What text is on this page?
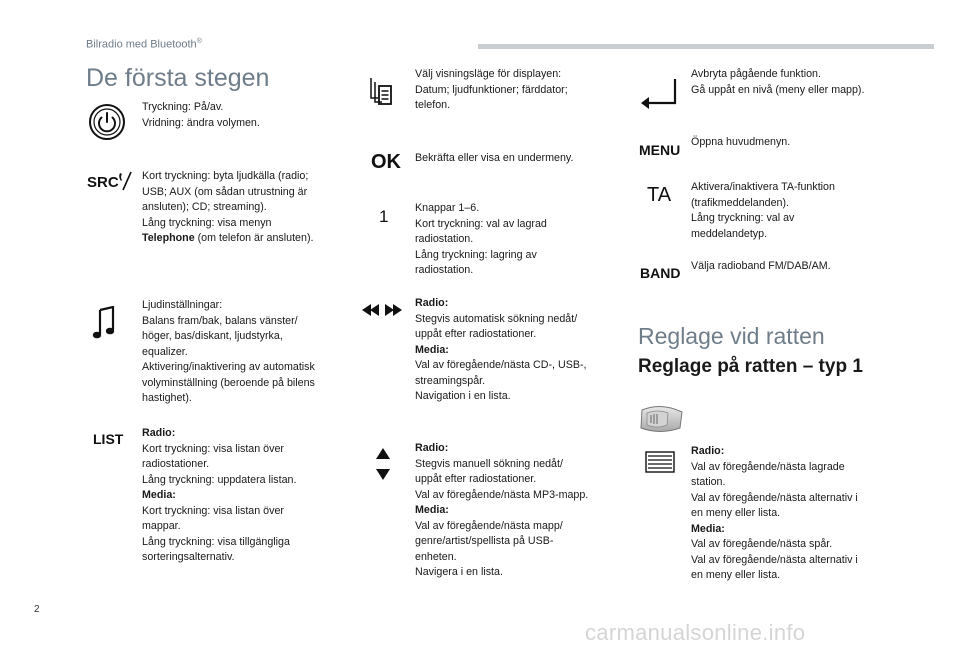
Bilradio med Bluetooth®
De första stegen
Tryckning: På/av.
Vridning: ändra volymen.
SRC Kort tryckning: byta ljudkälla (radio;
USB; AUX (om sådan utrustning är
ansluten); CD; streaming).
Lång tryckning: visa menyn
Telephone (om telefon är ansluten).
Ljudinställningar:
Balans fram/bak, balans vänster/
höger, bas/diskant, ljudstyrka,
equalizer.
Aktivering/inaktivering av automatisk
volyminställning (beroende på bilens
hastighet).
LIST Radio:
Kort tryckning: visa listan över
radiostationer.
Lång tryckning: uppdatera listan.
Media:
Kort tryckning: visa listan över
mappar.
Lång tryckning: visa tillgängliga
sorteringsalternativ.
Välj visningsläge för displayen:
Datum; ljudfunktioner; färddator;
telefon.
OK Bekräfta eller visa en undermeny.
1 Knappar 1–6.
Kort tryckning: val av lagrad
radiostation.
Lång tryckning: lagring av
radiostation.
Radio:
Stegvis automatisk sökning nedåt/
uppåt efter radiostationer.
Media:
Val av föregående/nästa CD-, USB-,
streamingspår.
Navigation i en lista.
Radio:
Stegvis manuell sökning nedåt/
uppåt efter radiostationer.
Val av föregående/nästa MP3-mapp.
Media:
Val av föregående/nästa mapp/
genre/artist/spellista på USB-
enheten.
Navigera i en lista.
Avbryta pågående funktion.
Gå uppåt en nivå (meny eller mapp).
MENU Öppna huvudmenyn.
TA Aktivera/inaktivera TA-funktion
(trafikmeddelanden).
Lång tryckning: val av
meddelandetyp.
BAND Välja radioband FM/DAB/AM.
Reglage vid ratten
Reglage på ratten – typ 1
Radio:
Val av föregående/nästa lagrade
station.
Val av föregående/nästa alternativ i
en meny eller lista.
Media:
Val av föregående/nästa spår.
Val av föregående/nästa alternativ i
en meny eller lista.
2
carmanualsonline.info
